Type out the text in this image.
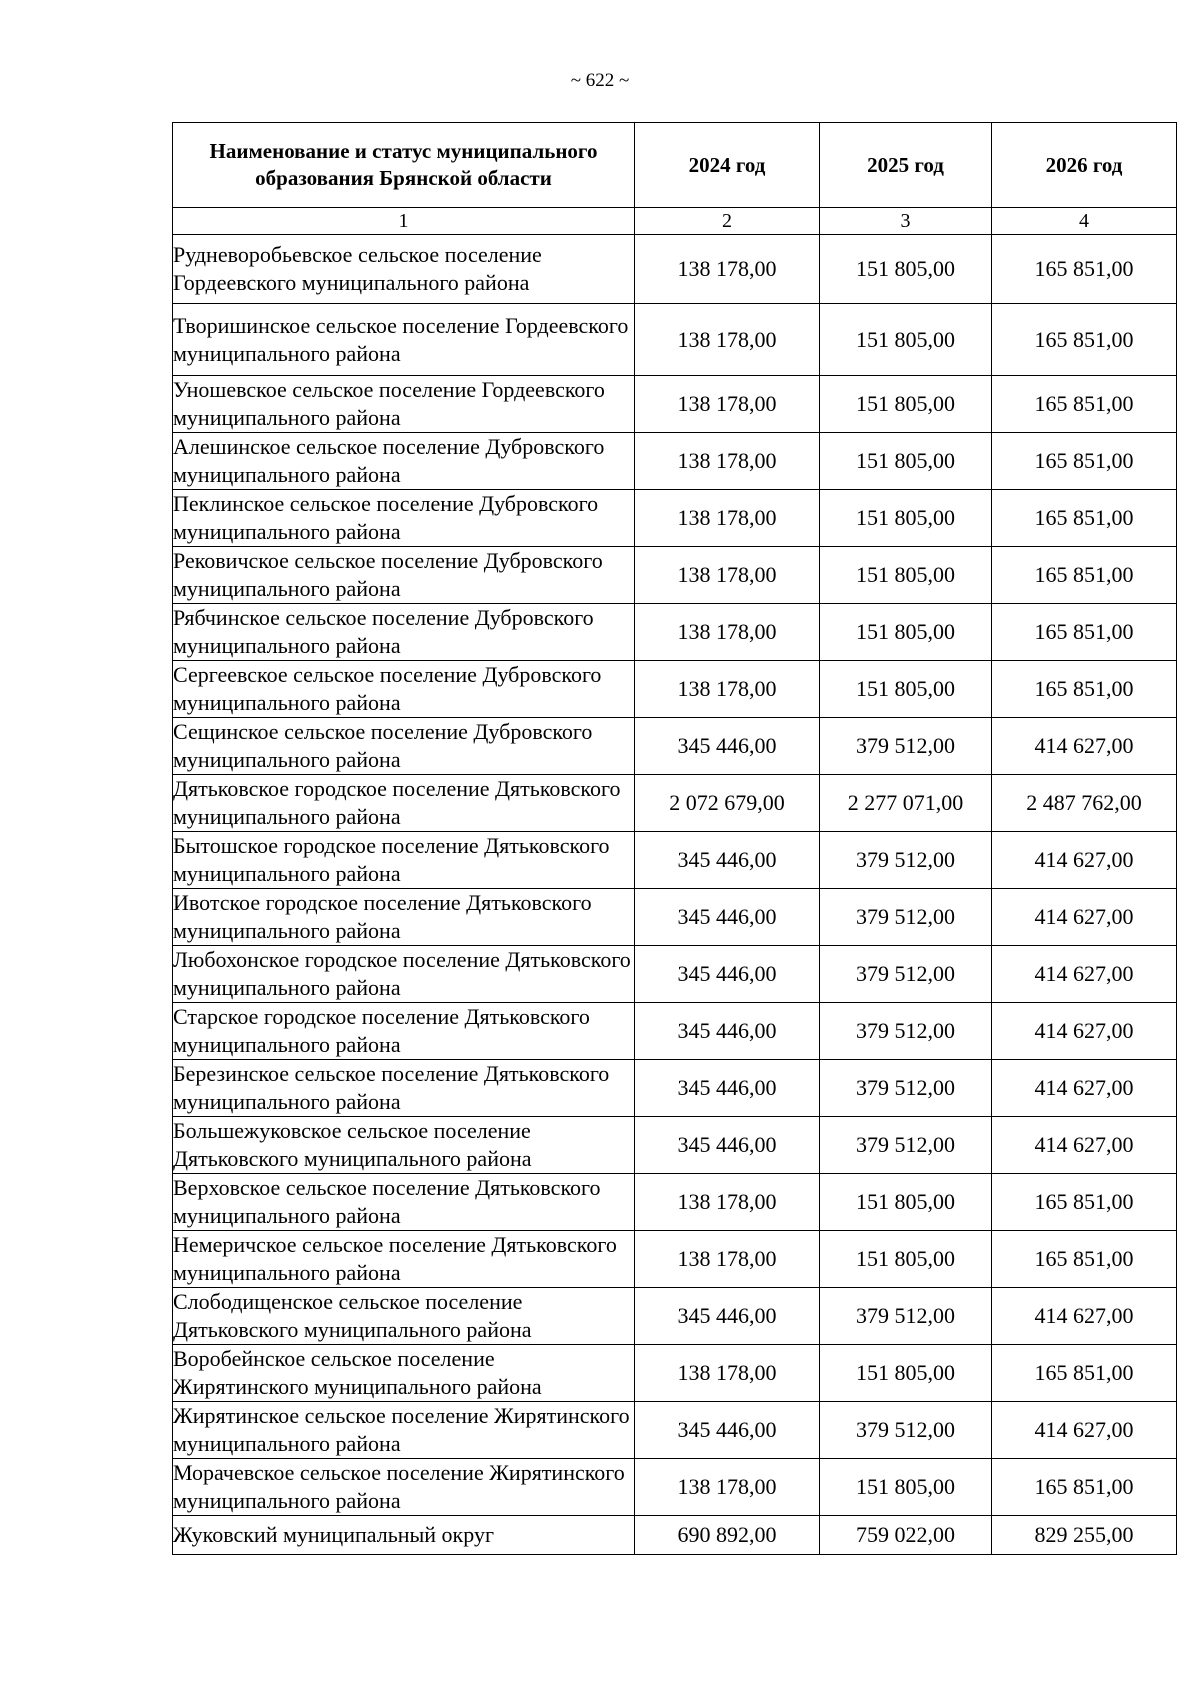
~ 622 ~
Наименование и статус муниципального образования Брянской области	2024 год	2025 год	2026 год
1	2	3	4
Рудневоробьевское сельское поселение Гордеевского муниципального района	138 178,00	151 805,00	165 851,00
Творишинское сельское поселение Гордеевского муниципального района	138 178,00	151 805,00	165 851,00
Уношевское сельское поселение Гордеевского муниципального района	138 178,00	151 805,00	165 851,00
Алешинское сельское поселение Дубровского муниципального района	138 178,00	151 805,00	165 851,00
Пеклинское сельское поселение Дубровского муниципального района	138 178,00	151 805,00	165 851,00
Рековичское сельское поселение Дубровского муниципального района	138 178,00	151 805,00	165 851,00
Рябчинское сельское поселение Дубровского муниципального района	138 178,00	151 805,00	165 851,00
Сергеевское сельское поселение Дубровского муниципального района	138 178,00	151 805,00	165 851,00
Сещинское сельское поселение Дубровского муниципального района	345 446,00	379 512,00	414 627,00
Дятьковское городское поселение Дятьковского муниципального района	2 072 679,00	2 277 071,00	2 487 762,00
Бытошское городское поселение Дятьковского муниципального района	345 446,00	379 512,00	414 627,00
Ивотское городское поселение Дятьковского муниципального района	345 446,00	379 512,00	414 627,00
Любохонское городское поселение Дятьковского муниципального района	345 446,00	379 512,00	414 627,00
Старское городское поселение Дятьковского муниципального района	345 446,00	379 512,00	414 627,00
Березинское сельское поселение Дятьковского муниципального района	345 446,00	379 512,00	414 627,00
Большежуковское сельское поселение Дятьковского муниципального района	345 446,00	379 512,00	414 627,00
Верховское сельское поселение Дятьковского муниципального района	138 178,00	151 805,00	165 851,00
Немеричское сельское поселение Дятьковского муниципального района	138 178,00	151 805,00	165 851,00
Слободищенское сельское поселение Дятьковского муниципального района	345 446,00	379 512,00	414 627,00
Воробейнское сельское поселение Жирятинского муниципального района	138 178,00	151 805,00	165 851,00
Жирятинское сельское поселение Жирятинского муниципального района	345 446,00	379 512,00	414 627,00
Морачевское сельское поселение Жирятинского муниципального района	138 178,00	151 805,00	165 851,00
Жуковский муниципальный округ	690 892,00	759 022,00	829 255,00
